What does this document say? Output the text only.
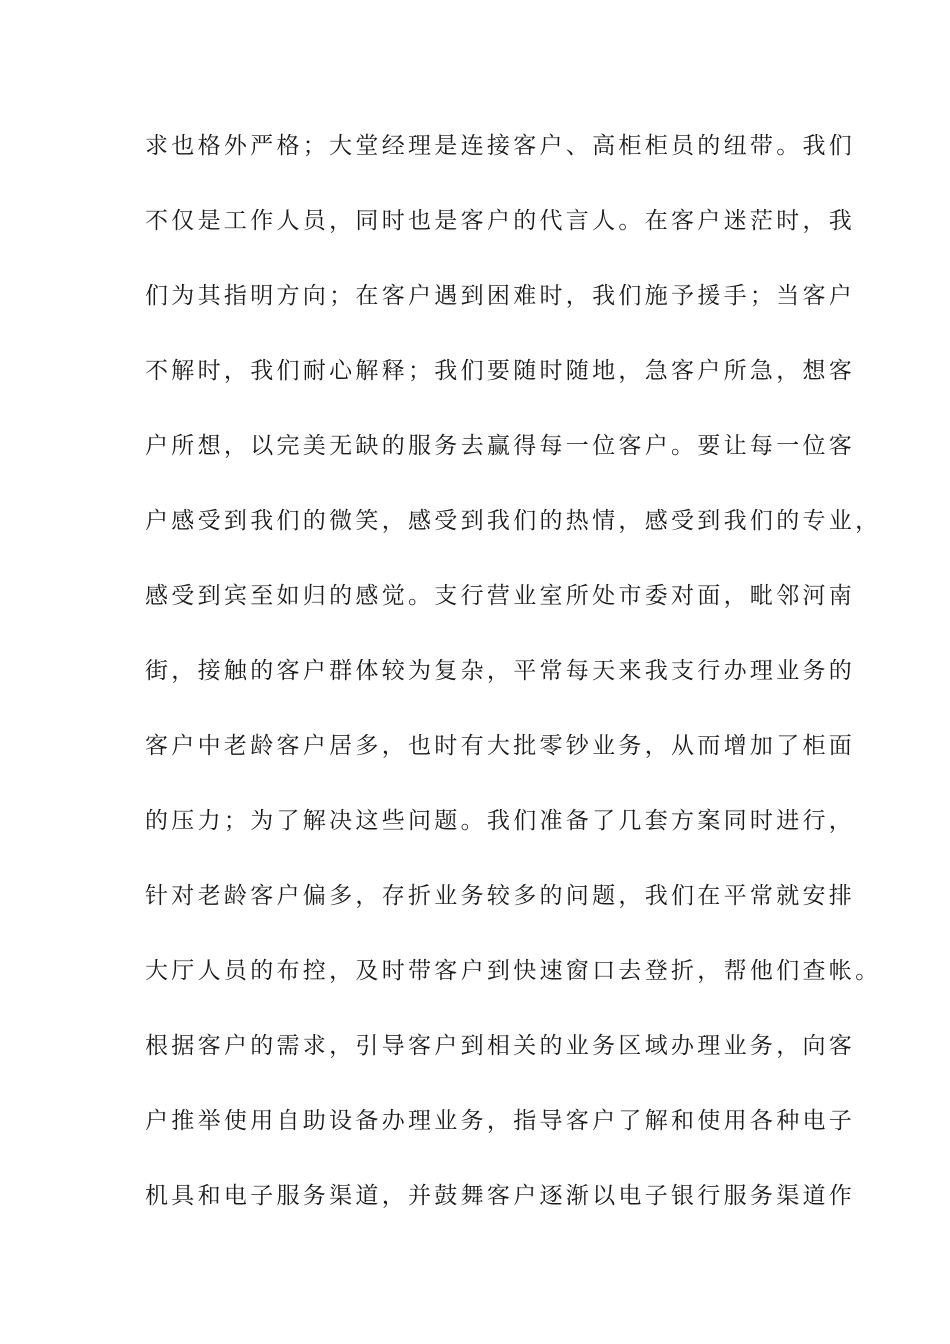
求也格外严格；大堂经理是连接客户、高柜柜员的纽带。我们
不仅是工作人员，同时也是客户的代言人。在客户迷茫时，我
们为其指明方向；在客户遇到困难时，我们施予援手；当客户
不解时，我们耐心解释；我们要随时随地，急客户所急，想客
户所想，以完美无缺的服务去赢得每一位客户。要让每一位客
户感受到我们的微笑，感受到我们的热情，感受到我们的专业，
感受到宾至如归的感觉。支行营业室所处市委对面，毗邻河南
街，接触的客户群体较为复杂，平常每天来我支行办理业务的
客户中老龄客户居多，也时有大批零钞业务，从而增加了柜面
的压力；为了解决这些问题。我们准备了几套方案同时进行，
针对老龄客户偏多，存折业务较多的问题，我们在平常就安排
大厅人员的布控，及时带客户到快速窗口去登折，帮他们查帐。
根据客户的需求，引导客户到相关的业务区域办理业务，向客
户推举使用自助设备办理业务，指导客户了解和使用各种电子
机具和电子服务渠道，并鼓舞客户逐渐以电子银行服务渠道作
